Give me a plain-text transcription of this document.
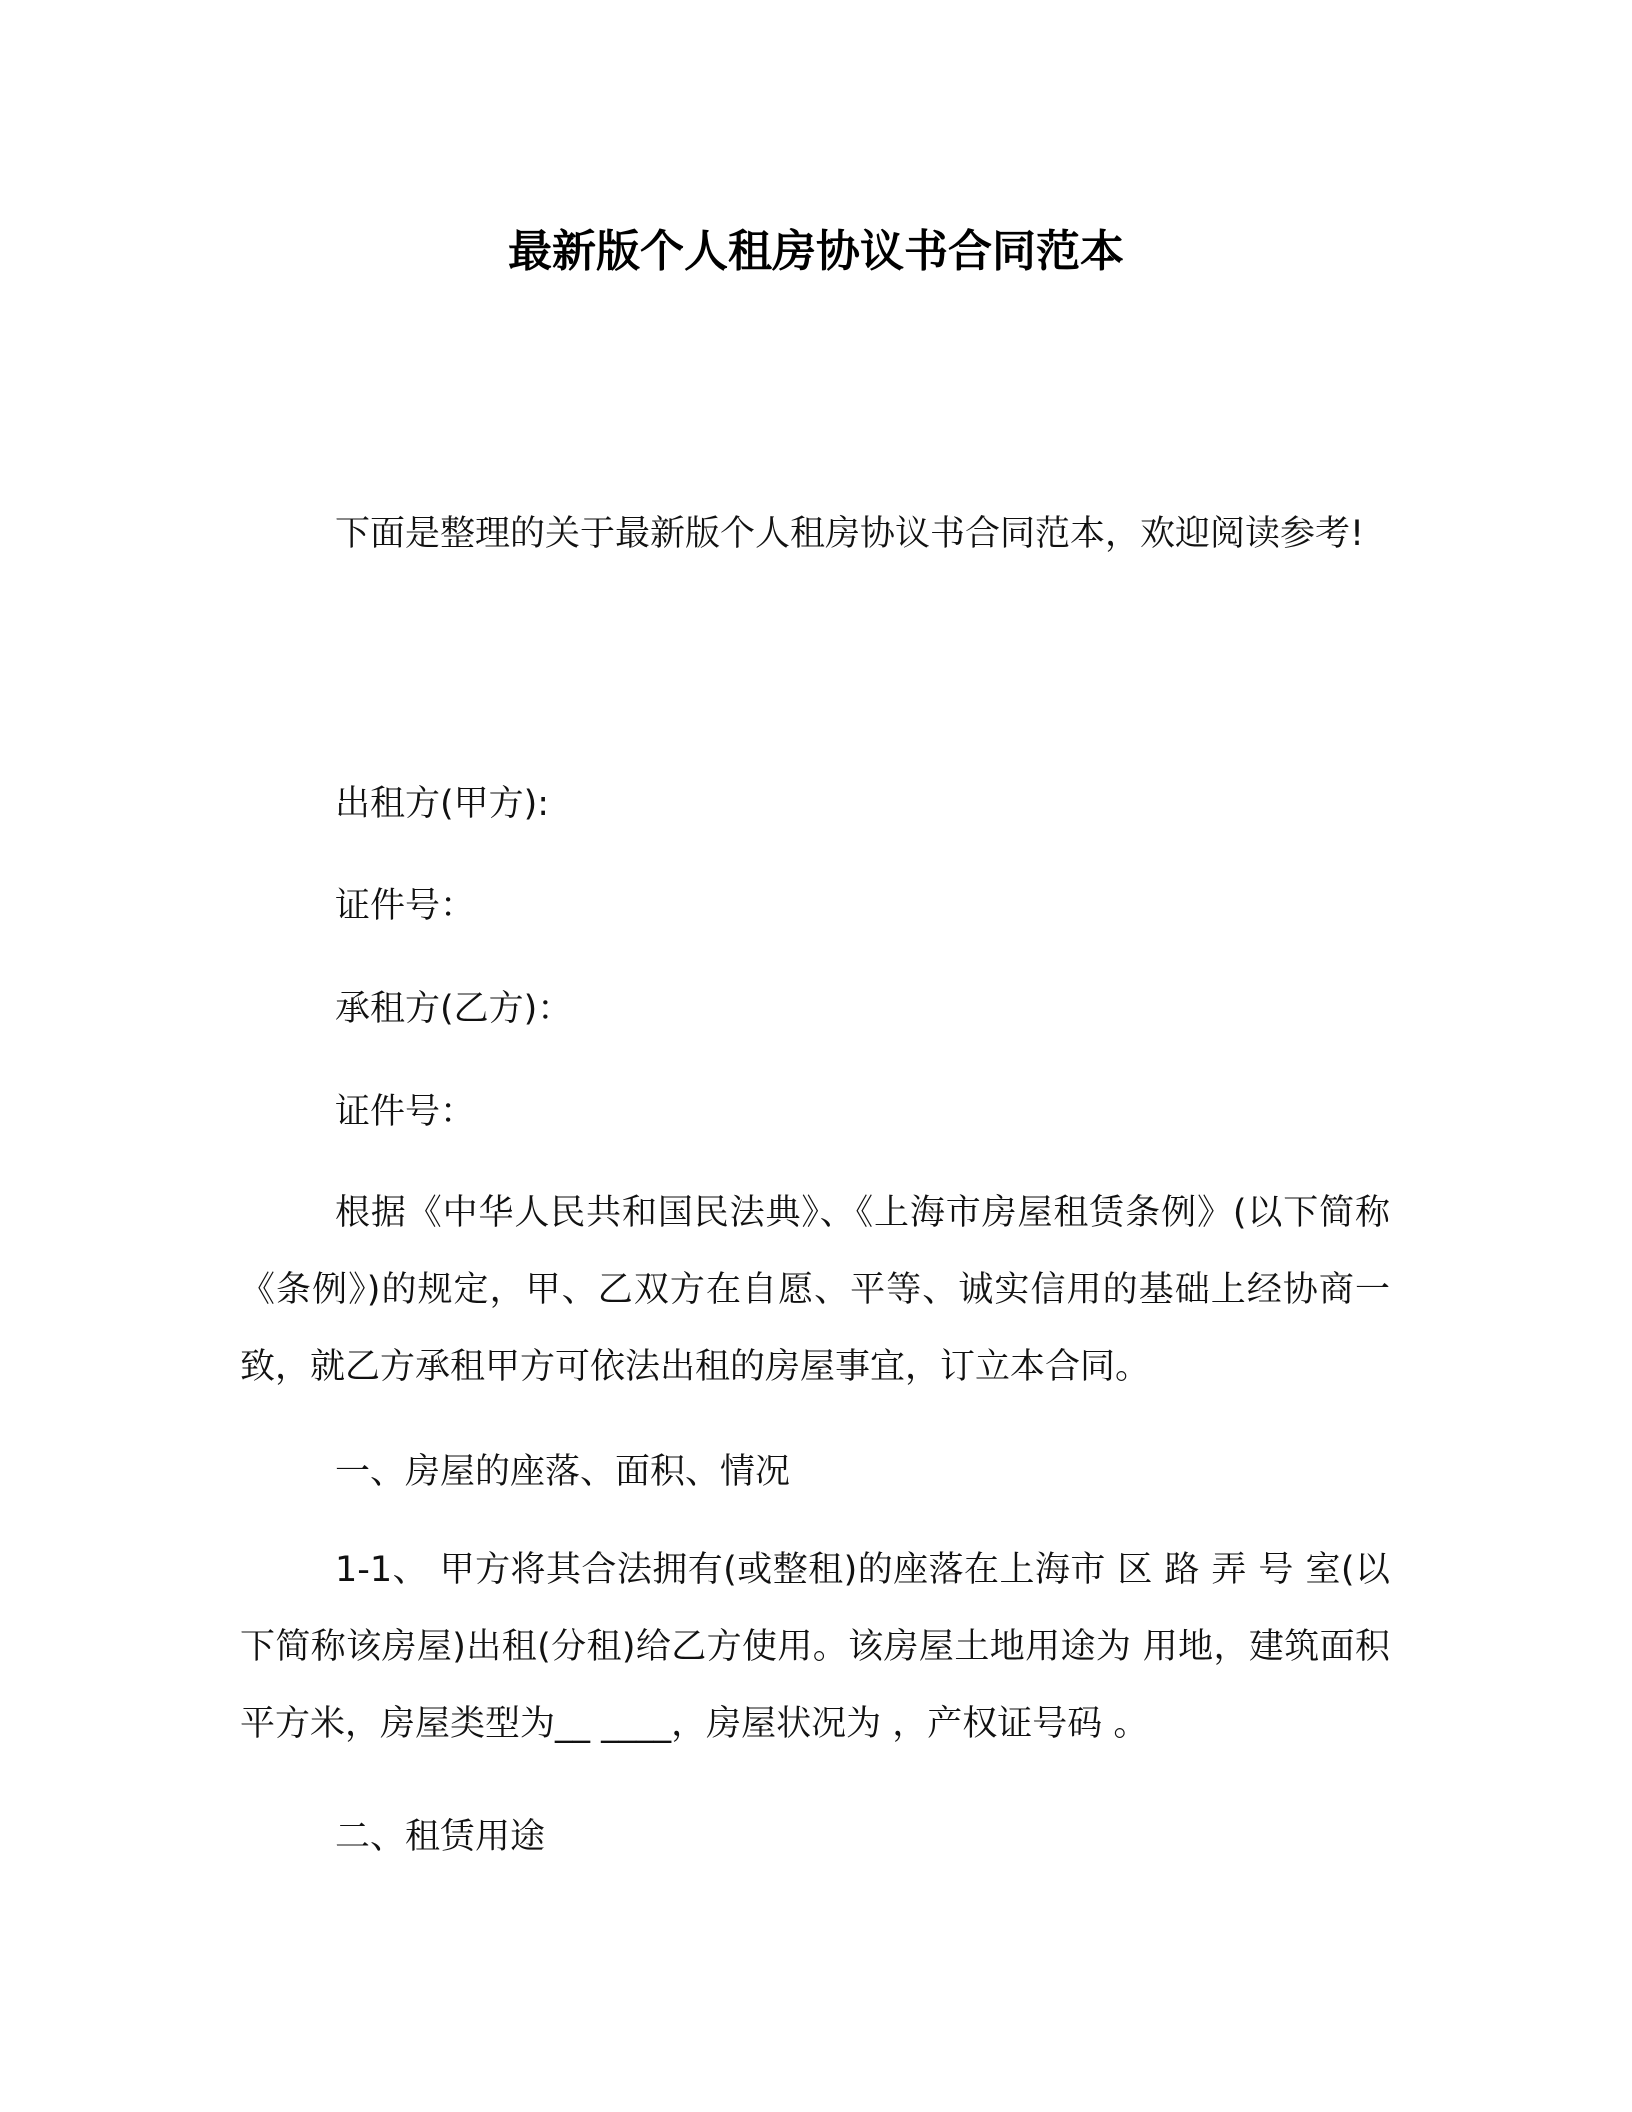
最新版个人租房协议书合同范本

下面是整理的关于最新版个人租房协议书合同范本，欢迎阅读参考!

出租方(甲方):

证件号：

承租方(乙方)：

证件号：

根据《中华人民共和国民法典》、《上海市房屋租赁条例》(以下简称《条例》)的规定，甲、乙双方在自愿、平等、诚实信用的基础上经协商一致，就乙方承租甲方可依法出租的房屋事宜，订立本合同。

一、房屋的座落、面积、情况

1-1、 甲方将其合法拥有(或整租)的座落在上海市 区 路 弄 号 室(以下简称该房屋)出租(分租)给乙方使用。该房屋土地用途为 用地，建筑面积 平方米，房屋类型为__ ____，房屋状况为 ，产权证号码 。

二、租赁用途
